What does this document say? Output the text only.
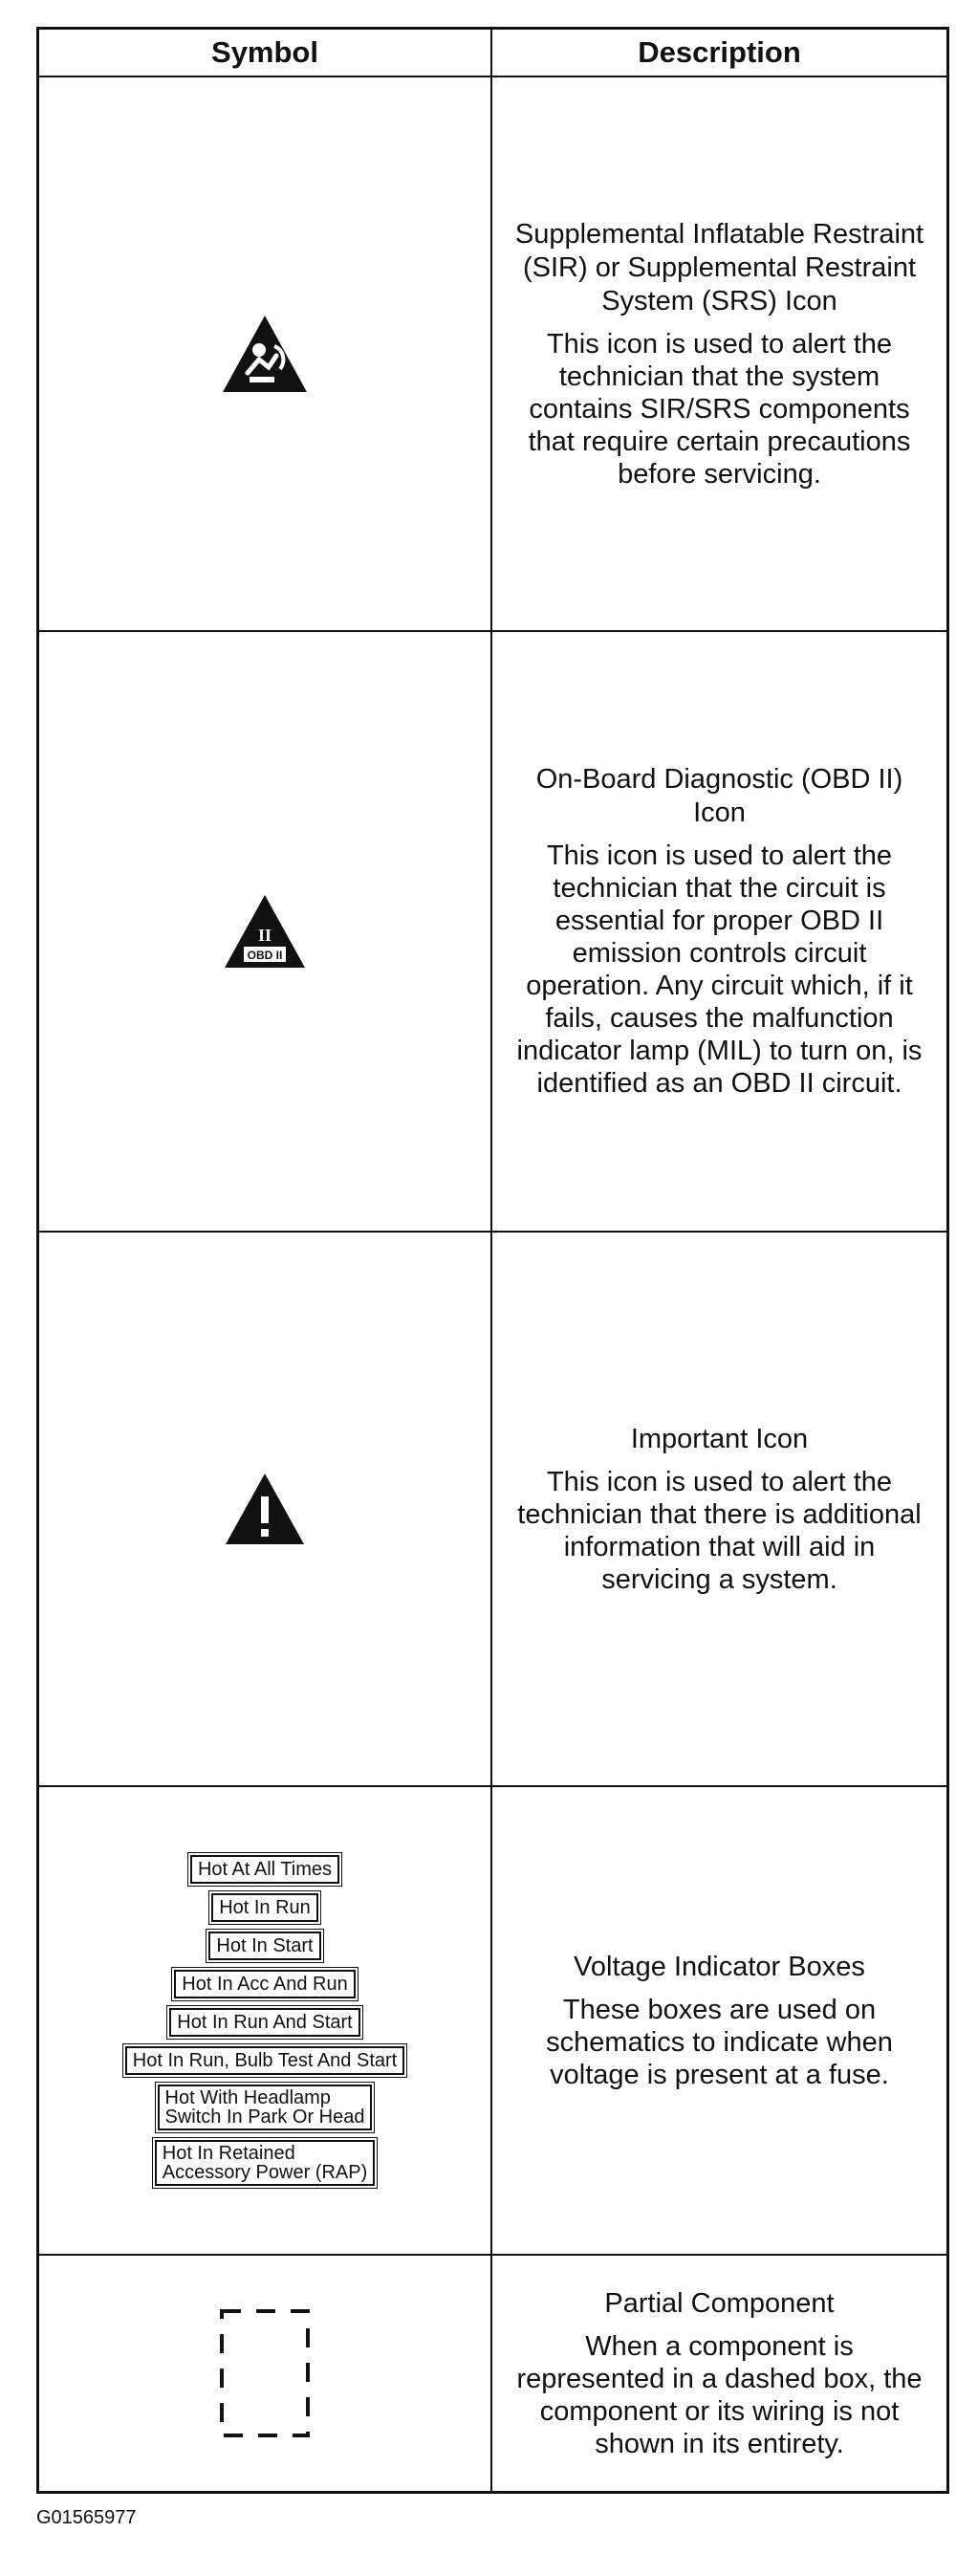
Symbol	Description
Supplemental Inflatable Restraint (SIR) or Supplemental Restraint System (SRS) Icon
This icon is used to alert the technician that the system contains SIR/SRS components that require certain precautions before servicing.
II
OBD II
On-Board Diagnostic (OBD II) Icon
This icon is used to alert the technician that the circuit is essential for proper OBD II emission controls circuit operation. Any circuit which, if it fails, causes the malfunction indicator lamp (MIL) to turn on, is identified as an OBD II circuit.
Important Icon
This icon is used to alert the technician that there is additional information that will aid in servicing a system.
Hot At All Times
Hot In Run
Hot In Start
Hot In Acc And Run
Hot In Run And Start
Hot In Run, Bulb Test And Start
Hot With Headlamp
Switch In Park Or Head
Hot In Retained
Accessory Power (RAP)
Voltage Indicator Boxes
These boxes are used on schematics to indicate when voltage is present at a fuse.
Partial Component
When a component is represented in a dashed box, the component or its wiring is not shown in its entirety.
G01565977
